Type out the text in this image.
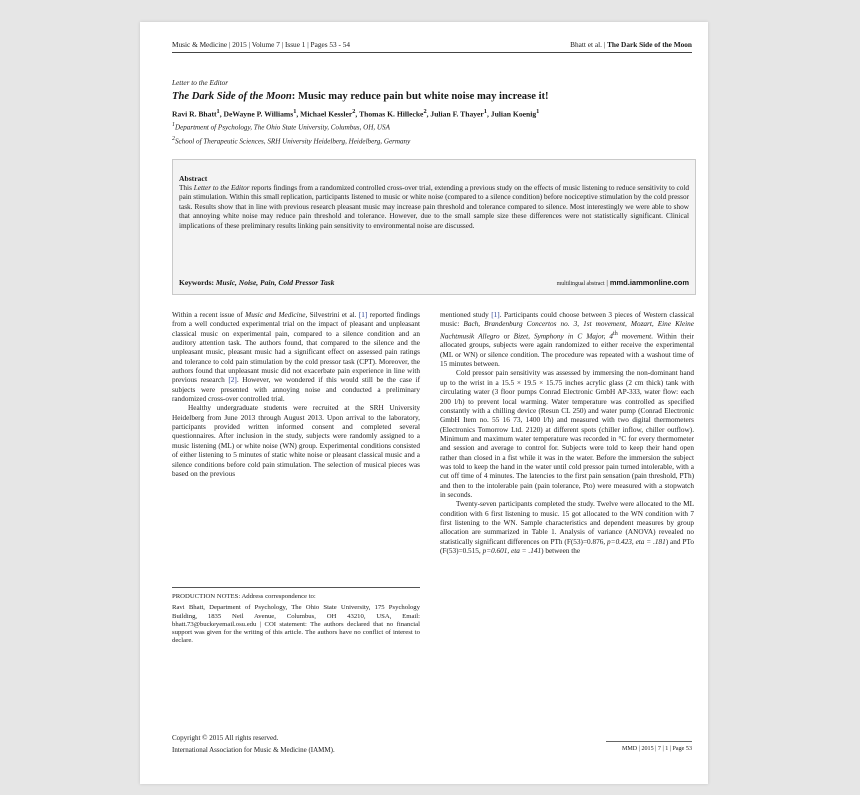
Music & Medicine | 2015 | Volume 7 | Issue 1 | Pages 53 - 54	Bhatt et al. | The Dark Side of the Moon
Letter to the Editor
The Dark Side of the Moon: Music may reduce pain but white noise may increase it!
Ravi R. Bhatt$^1$, DeWayne P. Williams$^1$, Michael Kessler$^2$, Thomas K. Hillecke$^2$, Julian F. Thayer$^1$, Julian Koenig$^1$
$^1$Department of Psychology, The Ohio State University, Columbus, OH, USA
$^2$School of Therapeutic Sciences, SRH University Heidelberg, Heidelberg, Germany
Abstract
This Letter to the Editor reports findings from a randomized controlled cross-over trial, extending a previous study on the effects of music listening to reduce sensitivity to cold pain stimulation. Within this small replication, participants listened to music or white noise (compared to a silence condition) before nociceptive stimulation by the cold pressor task. Results show that in line with previous research pleasant music may increase pain threshold and tolerance compared to silence. Most interestingly we were able to show that annoying white noise may reduce pain threshold and tolerance. However, due to the small sample size these differences were not statistically significant. Clinical implications of these preliminary results linking pain sensitivity to environmental noise are discussed.
Keywords: Music, Noise, Pain, Cold Pressor Task	multilingual abstract | mmd.iammonline.com

Within a recent issue of Music and Medicine, Silvestrini et al. [1] reported findings from a well conducted experimental trial on the impact of pleasant and unpleasant classical music on experimental pain, compared to a silence condition and an auditory attention task. The authors found, that compared to the silence and the unpleasant music, pleasant music had a significant effect on assessed pain ratings and tolerance to cold pain stimulation by the cold pressor task (CPT). Moreover, the authors found that unpleasant music did not exacerbate pain experience in line with previous research [2]. However, we wondered if this would still be the case if subjects were presented with annoying noise and conducted a preliminary randomized cross-over controlled trial.

Healthy undergraduate students were recruited at the SRH University Heidelberg from June 2013 through August 2013. Upon arrival to the laboratory, participants provided written informed consent and completed several questionnaires. After inclusion in the study, subjects were randomly assigned to a music listening (ML) or white noise (WN) group. Experimental conditions consisted of either listening to 5 minutes of static white noise or pleasant classical music and a silence conditions before cold pain stimulation. The selection of musical pieces was based on the previous

PRODUCTION NOTES: Address correspondence to:
Ravi Bhatt, Department of Psychology, The Ohio State University, 175 Psychology Building, 1835 Neil Avenue, Columbus, OH 43210, USA, Email: bhatt.73@buckeyemail.osu.edu | COI statement: The authors declared that no financial support was given for the writing of this article. The authors have no conflict of interest to declare.

mentioned study [1]. Participants could choose between 3 pieces of Western classical music: Bach, Brandenburg Concertos no. 3, 1st movement, Mozart, Eine Kleine Nachtmusik Allegro or Bizet, Symphony in C Major, 4th movement. Within their allocated groups, subjects were again randomized to either receive the experimental (ML or WN) or silence condition. The procedure was repeated with a washout time of 15 minutes between.

Cold pressor pain sensitivity was assessed by immersing the non-dominant hand up to the wrist in a 15.5 × 19.5 × 15.75 inches acrylic glass (2 cm thick) tank with circulating water (3 floor pumps Conrad Electronic GmbH AP-333, water flow: each 200 l/h) to prevent local warming. Water temperature was controlled as specified constantly with a chilling device (Resun CL 250) and water pump (Conrad Electronic GmbH Item no. 55 16 73, 1400 l/h) and measured with two digital thermometers (Electronics Tomorrow Ltd. 2120) at different spots (chiller inflow, chiller outflow). Minimum and maximum water temperature was recorded in °C for every thermometer and session and average to control for. Subjects were told to keep their hand open rather than closed in a fist while it was in the water. Before the immersion the subject was told to keep the hand in the water until cold pressor pain turned intolerable, with a cut off time of 4 minutes. The latencies to the first pain sensation (pain threshold, PTh) and then to the intolerable pain (pain tolerance, Pto) were measured with a stopwatch in seconds.

Twenty-seven participants completed the study. Twelve were allocated to the ML condition with 6 first listening to music. 15 got allocated to the WN condition with 7 first listening to the WN. Sample characteristics and dependent measures by group allocation are summarized in Table 1. Analysis of variance (ANOVA) revealed no statistically significant differences on PTh (F(53)=0.876, p=0.423, eta = .181) and PTo (F(53)=0.515, p=0.601, eta = .141) between the

Copyright © 2015 All rights reserved.
International Association for Music & Medicine (IAMM).	MMD | 2015 | 7 | 1 | Page 53
